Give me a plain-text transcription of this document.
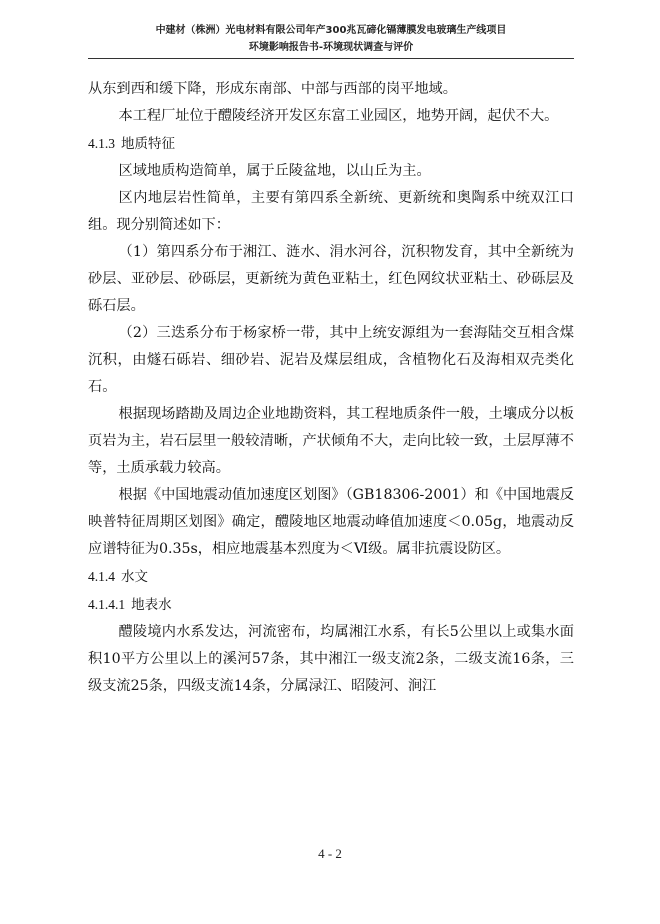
中建材（株洲）光电材料有限公司年产300兆瓦碲化镉薄膜发电玻璃生产线项目
环境影响报告书-环境现状调查与评价

从东到西和缓下降，形成东南部、中部与西部的岗平地域。

本工程厂址位于醴陵经济开发区东富工业园区，地势开阔，起伏不大。

4.1.3 地质特征

区域地质构造简单，属于丘陵盆地，以山丘为主。

区内地层岩性简单，主要有第四系全新统、更新统和奥陶系中统双江口组。现分别简述如下：

（1）第四系分布于湘江、涟水、涓水河谷，沉积物发育，其中全新统为砂层、亚砂层、砂砾层，更新统为黄色亚粘土，红色网纹状亚粘土、砂砾层及砾石层。

（2）三迭系分布于杨家桥一带，其中上统安源组为一套海陆交互相含煤沉积，由燧石砾岩、细砂岩、泥岩及煤层组成，含植物化石及海相双壳类化石。

根据现场踏勘及周边企业地勘资料，其工程地质条件一般，土壤成分以板页岩为主，岩石层里一般较清晰，产状倾角不大，走向比较一致，土层厚薄不等，土质承载力较高。

根据《中国地震动值加速度区划图》（GB18306-2001）和《中国地震反映普特征周期区划图》确定，醴陵地区地震动峰值加速度＜0.05g，地震动反应谱特征为0.35s，相应地震基本烈度为＜Ⅵ级。属非抗震设防区。

4.1.4 水文

4.1.4.1 地表水

醴陵境内水系发达，河流密布，均属湘江水系，有长5公里以上或集水面积10平方公里以上的溪河57条，其中湘江一级支流2条，二级支流16条，三级支流25条，四级支流14条，分属渌江、昭陵河、涧江

4 - 2
